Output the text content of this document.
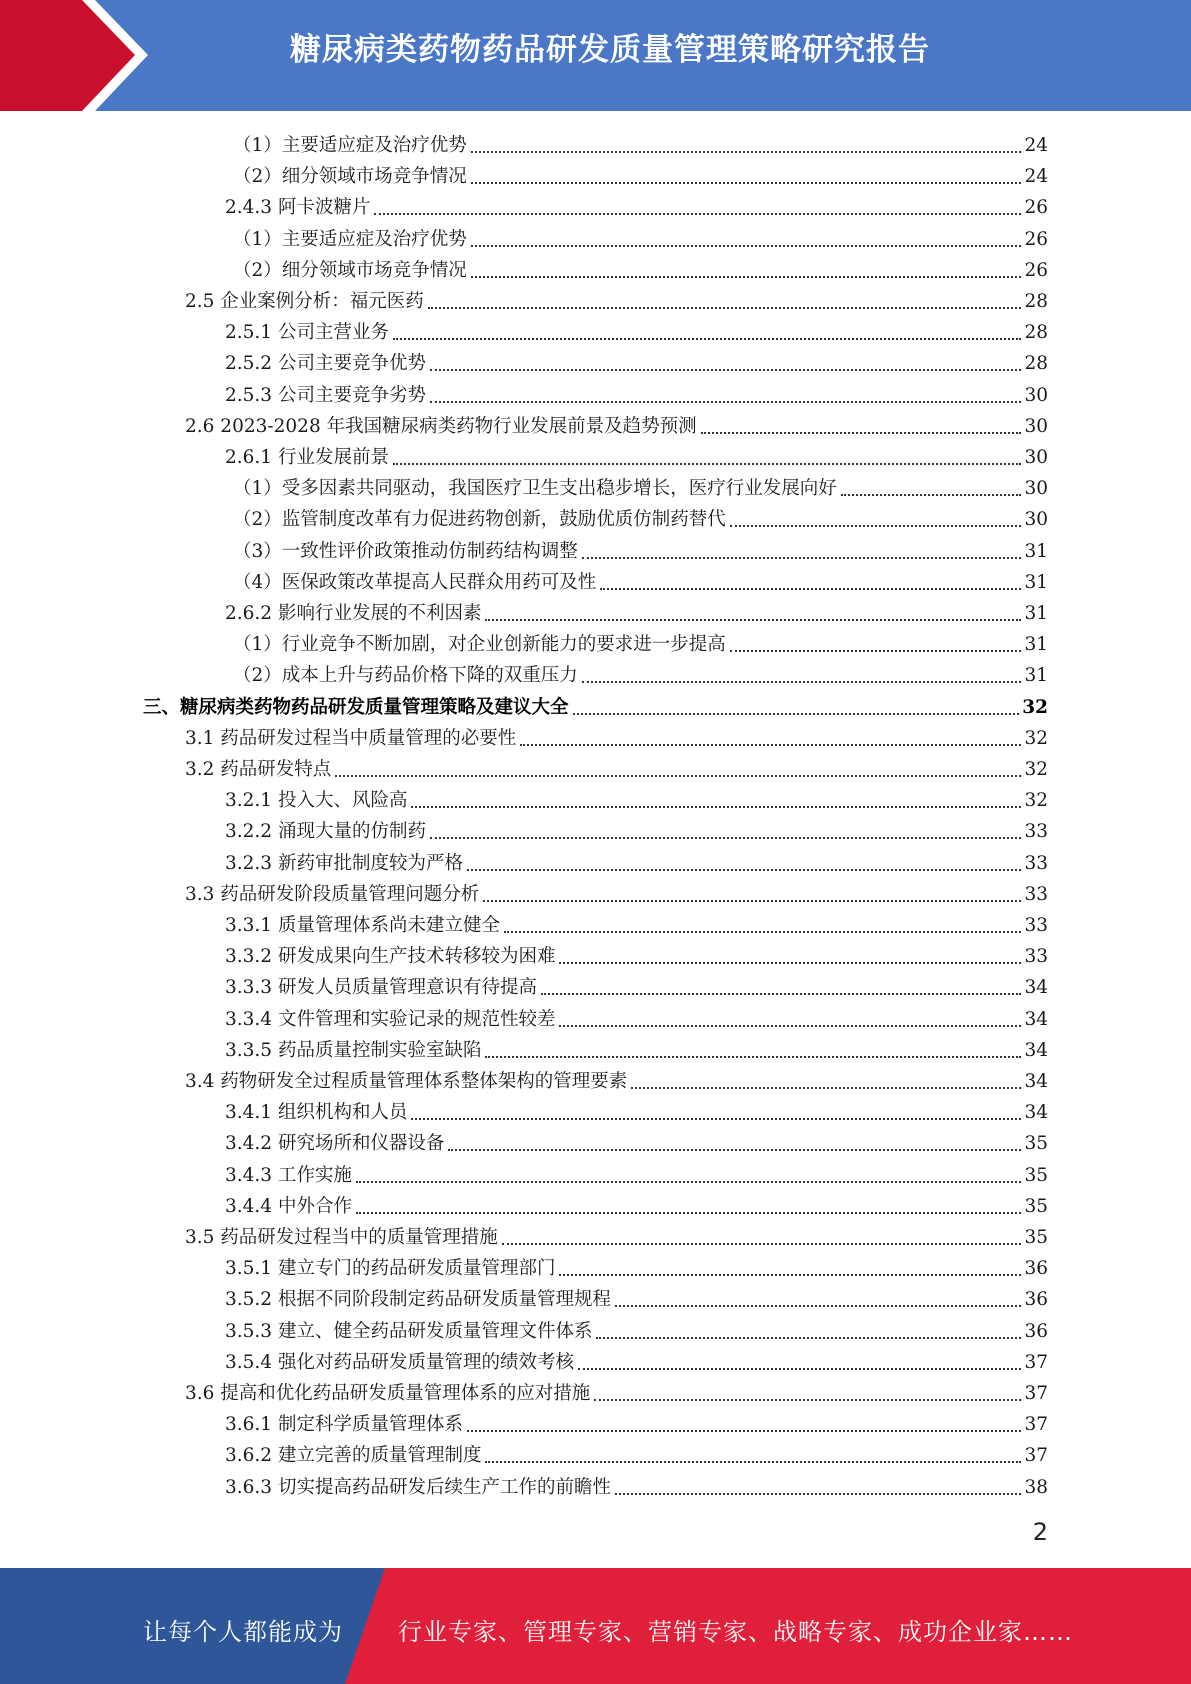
糖尿病类药物药品研发质量管理策略研究报告
（1）主要适应症及治疗优势	24
（2）细分领域市场竞争情况	24
2.4.3 阿卡波糖片	26
（1）主要适应症及治疗优势	26
（2）细分领域市场竞争情况	26
2.5 企业案例分析：福元医药	28
2.5.1 公司主营业务	28
2.5.2 公司主要竞争优势	28
2.5.3 公司主要竞争劣势	30
2.6 2023-2028 年我国糖尿病类药物行业发展前景及趋势预测	30
2.6.1 行业发展前景	30
（1）受多因素共同驱动，我国医疗卫生支出稳步增长，医疗行业发展向好	30
（2）监管制度改革有力促进药物创新，鼓励优质仿制药替代	30
（3）一致性评价政策推动仿制药结构调整	31
（4）医保政策改革提高人民群众用药可及性	31
2.6.2 影响行业发展的不利因素	31
（1）行业竞争不断加剧，对企业创新能力的要求进一步提高	31
（2）成本上升与药品价格下降的双重压力	31
三、糖尿病类药物药品研发质量管理策略及建议大全	32
3.1 药品研发过程当中质量管理的必要性	32
3.2 药品研发特点	32
3.2.1 投入大、风险高	32
3.2.2 涌现大量的仿制药	33
3.2.3 新药审批制度较为严格	33
3.3 药品研发阶段质量管理问题分析	33
3.3.1 质量管理体系尚未建立健全	33
3.3.2 研发成果向生产技术转移较为困难	33
3.3.3 研发人员质量管理意识有待提高	34
3.3.4 文件管理和实验记录的规范性较差	34
3.3.5 药品质量控制实验室缺陷	34
3.4 药物研发全过程质量管理体系整体架构的管理要素	34
3.4.1 组织机构和人员	34
3.4.2 研究场所和仪器设备	35
3.4.3 工作实施	35
3.4.4 中外合作	35
3.5 药品研发过程当中的质量管理措施	35
3.5.1 建立专门的药品研发质量管理部门	36
3.5.2 根据不同阶段制定药品研发质量管理规程	36
3.5.3 建立、健全药品研发质量管理文件体系	36
3.5.4 强化对药品研发质量管理的绩效考核	37
3.6 提高和优化药品研发质量管理体系的应对措施	37
3.6.1 制定科学质量管理体系	37
3.6.2 建立完善的质量管理制度	37
3.6.3 切实提高药品研发后续生产工作的前瞻性	38
2
让每个人都能成为 行业专家、管理专家、营销专家、战略专家、成功企业家……
